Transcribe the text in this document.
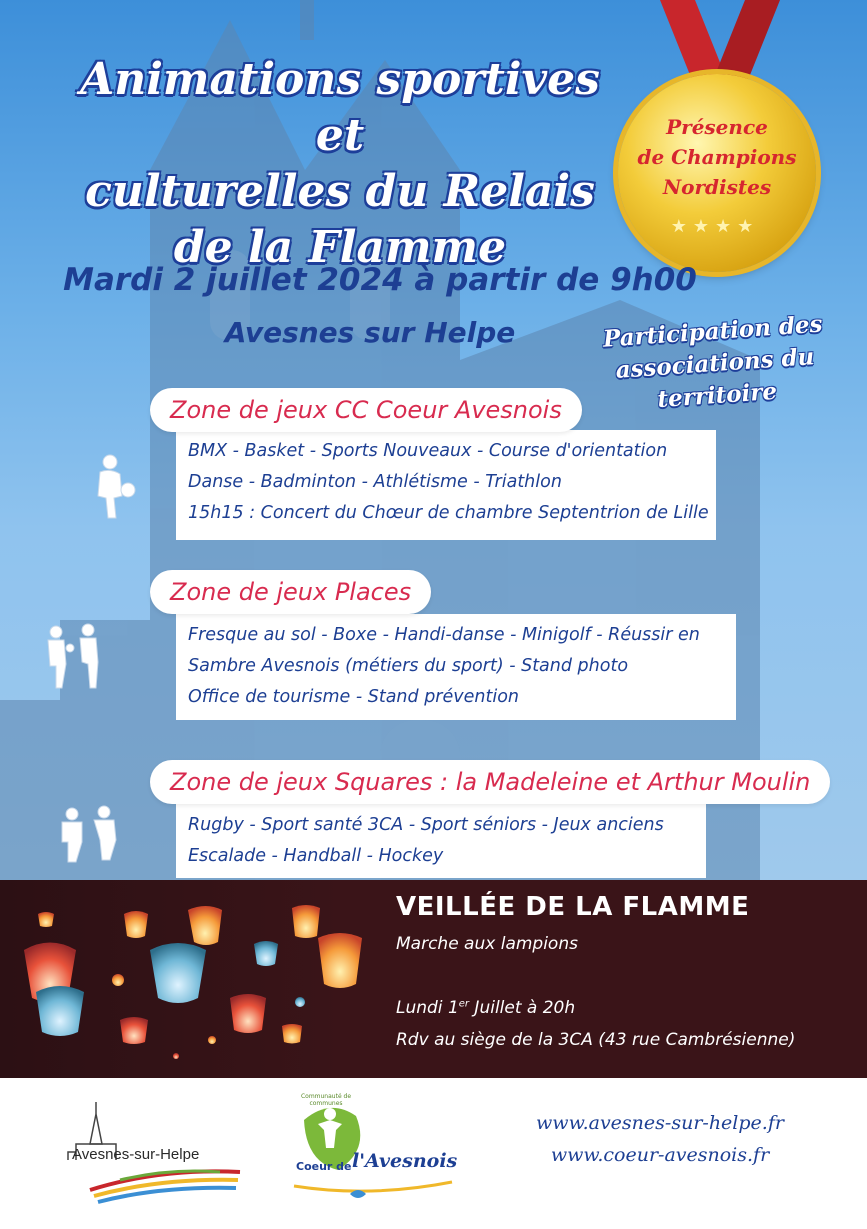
Animations sportives et
culturelles du Relais
de la Flamme
Présence
de Champions
Nordistes
★★★★
Mardi 2 juillet 2024 à partir de 9h00
Avesnes sur Helpe	Participation des
associations du territoire
BMX - Basket - Sports Nouveaux - Course d'orientation
Danse - Badminton - Athlétisme - Triathlon
15h15 : Concert du Chœur de chambre Septentrion de Lille
Zone de jeux CC Coeur Avesnois
Fresque au sol - Boxe - Handi-danse - Minigolf - Réussir en
Sambre Avesnois (métiers du sport) - Stand photo
Office de tourisme - Stand prévention
Zone de jeux Places
Rugby - Sport santé 3CA - Sport séniors - Jeux anciens
Escalade - Handball - Hockey
Zone de jeux Squares : la Madeleine et Arthur Moulin
VEILLÉE DE LA FLAMME
Marche aux lampions
Lundi 1er Juillet à 20h
Rdv au siège de la 3CA (43 rue Cambrésienne)
Avesnes-sur-Helpe
Communauté de communes
Coeur de l'Avesnois
www.avesnes-sur-helpe.fr
www.coeur-avesnois.fr
